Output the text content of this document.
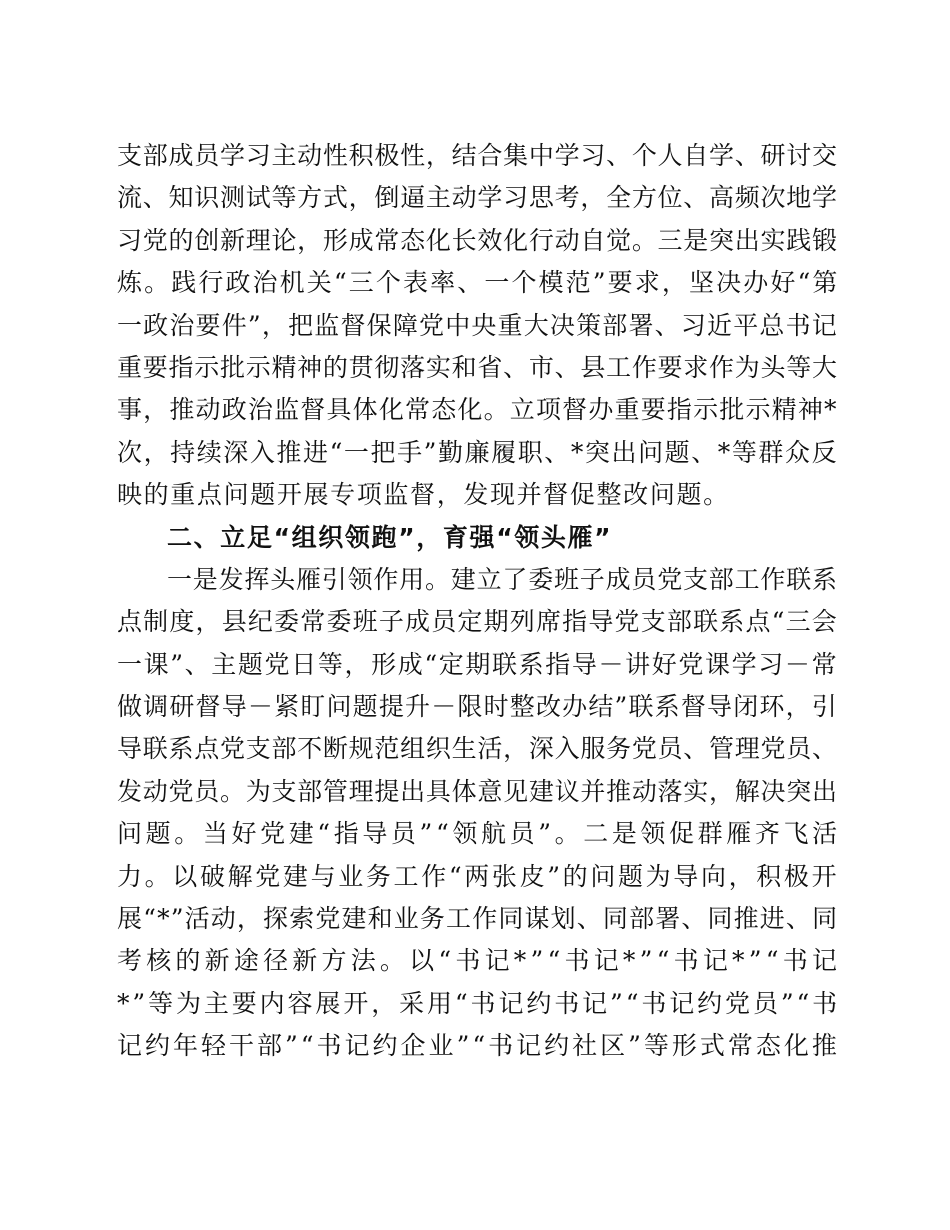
支部成员学习主动性积极性，结合集中学习、个人自学、研讨交
流、知识测试等方式，倒逼主动学习思考，全方位、高频次地学
习党的创新理论，形成常态化长效化行动自觉。三是突出实践锻
炼。践行政治机关“三个表率、一个模范”要求，坚决办好“第
一政治要件”，把监督保障党中央重大决策部署、习近平总书记
重要指示批示精神的贯彻落实和省、市、县工作要求作为头等大
事，推动政治监督具体化常态化。立项督办重要指示批示精神*
次，持续深入推进“一把手”勤廉履职、*突出问题、*等群众反
映的重点问题开展专项监督，发现并督促整改问题。
二、立足“组织领跑”，育强“领头雁”
一是发挥头雁引领作用。建立了委班子成员党支部工作联系
点制度，县纪委常委班子成员定期列席指导党支部联系点“三会
一课”、主题党日等，形成“定期联系指导－讲好党课学习－常
做调研督导－紧盯问题提升－限时整改办结”联系督导闭环，引
导联系点党支部不断规范组织生活，深入服务党员、管理党员、
发动党员。为支部管理提出具体意见建议并推动落实，解决突出
问题。当好党建“指导员”“领航员”。二是领促群雁齐飞活
力。以破解党建与业务工作“两张皮”的问题为导向，积极开
展“*”活动，探索党建和业务工作同谋划、同部署、同推进、同
考核的新途径新方法。以“书记*”“书记*”“书记*”“书记
*”等为主要内容展开，采用“书记约书记”“书记约党员”“书
记约年轻干部”“书记约企业”“书记约社区”等形式常态化推
